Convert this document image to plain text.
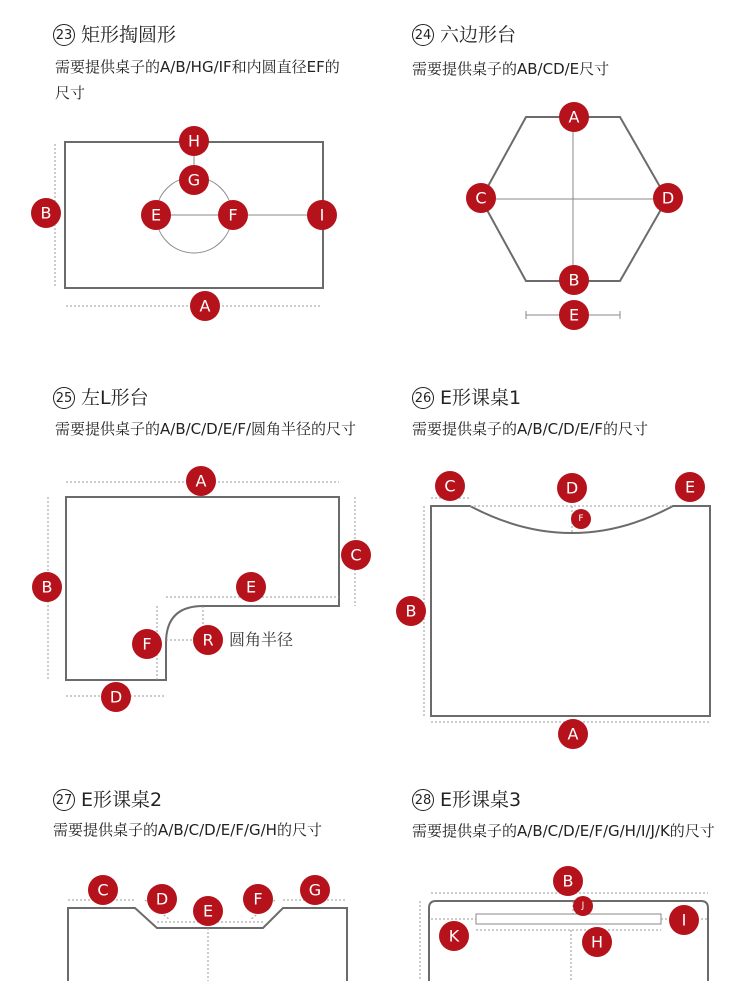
23 矩形掏圆形
需要提供桌子的A/B/HG/IF和内圆直径EF的尺寸
24 六边形台
需要提供桌子的AB/CD/E尺寸
25 左L形台
需要提供桌子的A/B/C/D/E/F/圆角半径的尺寸
26 E形课桌1
需要提供桌子的A/B/C/D/E/F的尺寸
27 E形课桌2
需要提供桌子的A/B/C/D/E/F/G/H的尺寸
28 E形课桌3
需要提供桌子的A/B/C/D/E/F/G/H/I/J/K的尺寸
H
G
B	E	F	I
A
A
C	D
B
E
A
B
C
E
F	R 圆角半径
D
C	D	E
F
B
A
C	D
E
F	G	B
J
K	H
I
